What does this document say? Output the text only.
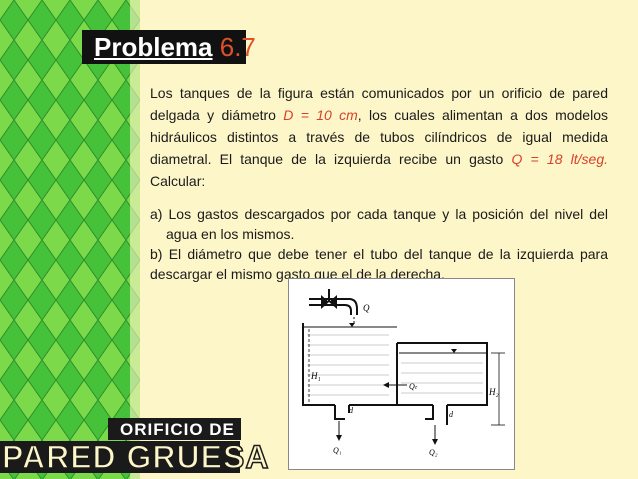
Problema 6.7
Los tanques de la figura están comunicados por un orificio de pared delgada y diámetro D = 10 cm, los cuales alimentan a dos modelos hidráulicos distintos a través de tubos cilíndricos de igual medida diametral. El tanque de la izquierda recibe un gasto Q = 18 lt/seg. Calcular:
a) Los gastos descargados por cada tanque y la posición del nivel del agua en los mismos.
b) El diámetro que debe tener el tubo del tanque de la izquierda para descargar el mismo gasto que el de la derecha.
Q
H₁
H₂
Qₜ
d
Q₁
d
Q₂
ORIFICIO DE
PARED GRUESA
